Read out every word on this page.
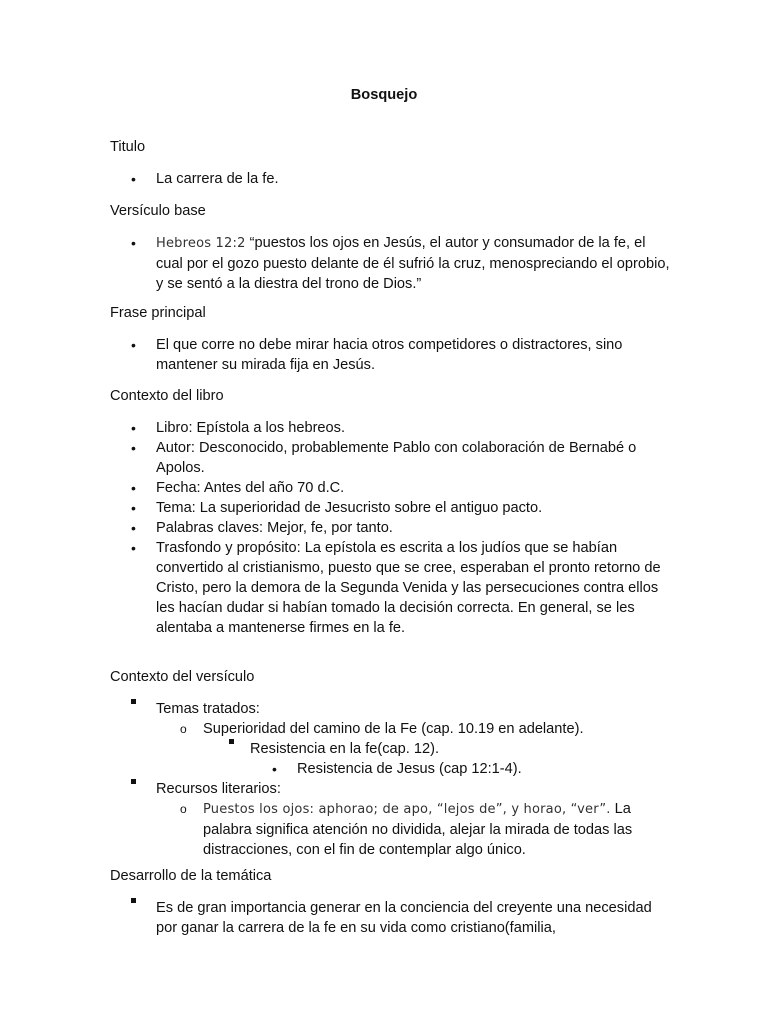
Bosquejo
Titulo
• La carrera de la fe.
Versículo base
• Hebreos 12:2 “puestos los ojos en Jesús, el autor y consumador de la fe, el cual por el gozo puesto delante de él sufrió la cruz, menospreciando el oprobio, y se sentó a la diestra del trono de Dios.”
Frase principal
• El que corre no debe mirar hacia otros competidores o distractores, sino mantener su mirada fija en Jesús.
Contexto del libro
• Libro: Epístola a los hebreos.
• Autor: Desconocido, probablemente Pablo con colaboración de Bernabé o Apolos.
• Fecha: Antes del año 70 d.C.
• Tema: La superioridad de Jesucristo sobre el antiguo pacto.
• Palabras claves: Mejor, fe, por tanto.
• Trasfondo y propósito: La epístola es escrita a los judíos que se habían convertido al cristianismo, puesto que se cree, esperaban el pronto retorno de Cristo, pero la demora de la Segunda Venida y las persecuciones contra ellos les hacían dudar si habían tomado la decisión correcta. En general, se les alentaba a mantenerse firmes en la fe.
Contexto del versículo
Temas tratados:
o Superioridad del camino de la Fe (cap. 10.19 en adelante).
Resistencia en la fe(cap. 12).
• Resistencia de Jesus (cap 12:1-4).
Recursos literarios:
o Puestos los ojos: aphorao; de apo, “lejos de”, y horao, “ver”. La palabra significa atención no dividida, alejar la mirada de todas las distracciones, con el fin de contemplar algo único.
Desarrollo de la temática
Es de gran importancia generar en la conciencia del creyente una necesidad por ganar la carrera de la fe en su vida como cristiano(familia,
